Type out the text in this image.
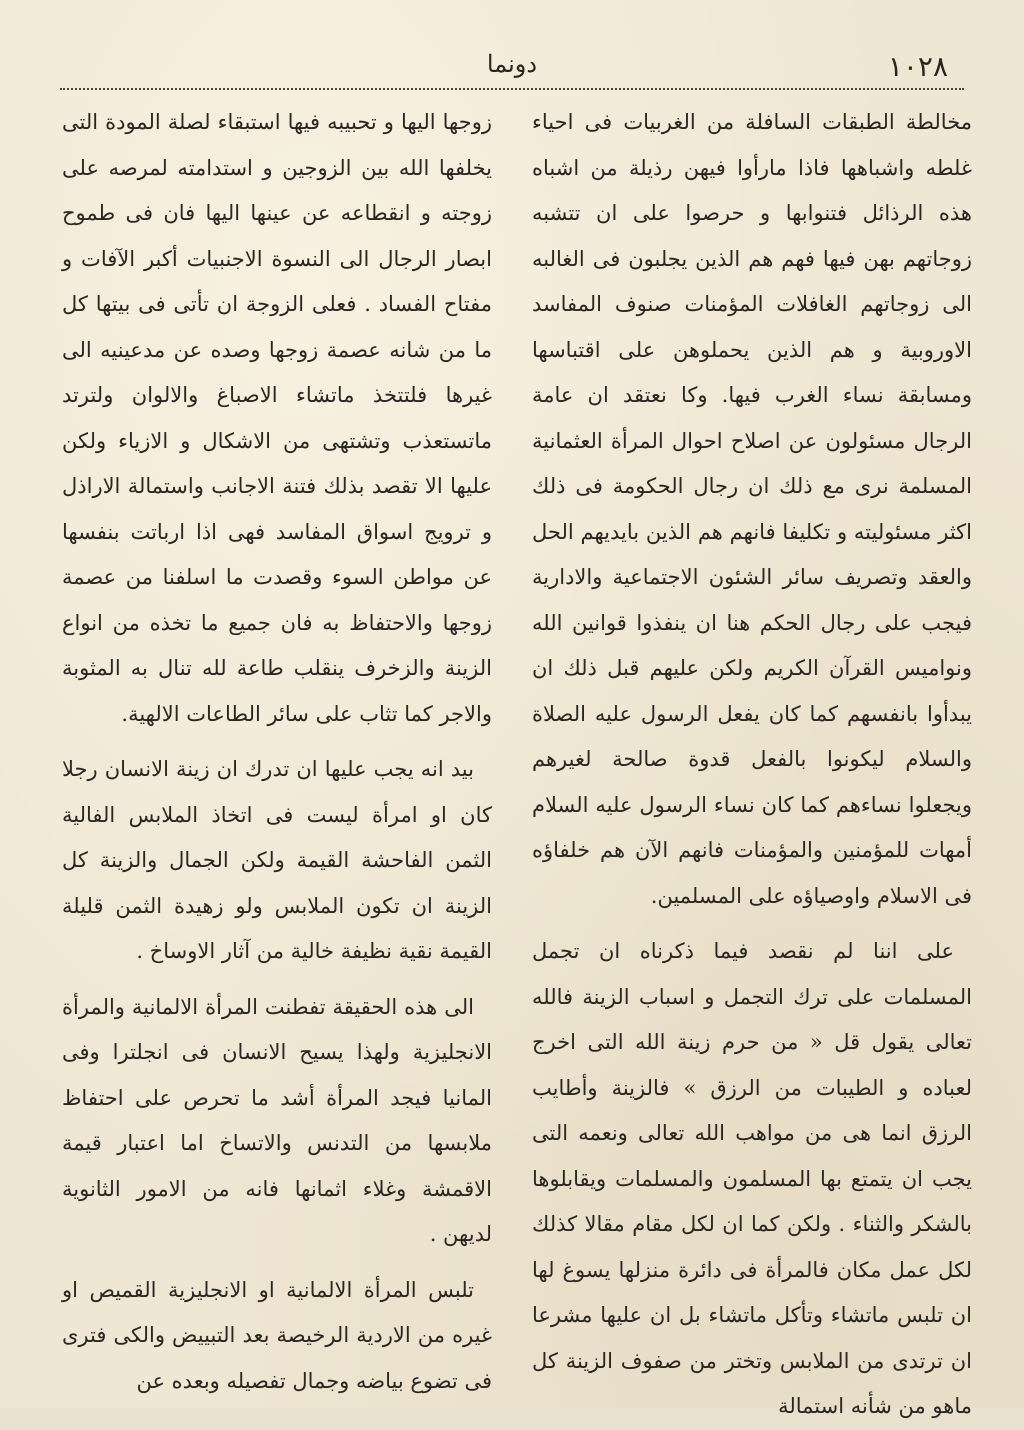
١٠٢٨
دونما

مخالطة الطبقات السافلة من الغربيات فى احياء غلطه واشباهها فاذا مارأوا فيهن رذيلة من اشباه هذه الرذائل فتنوابها و حرصوا على ان تتشبه زوجاتهم بهن فيها فهم هم الذين يجلبون فى الغالبه الى زوجاتهم الغافلات المؤمنات صنوف المفاسد الاوروبية و هم الذين يحملوهن على اقتباسها ومسابقة نساء الغرب فيها. وكا نعتقد ان عامة الرجال مسئولون عن اصلاح احوال المرأة العثمانية المسلمة نرى مع ذلك ان رجال الحكومة فى ذلك اكثر مسئوليته و تكليفا فانهم هم الذين بايديهم الحل والعقد وتصريف سائر الشئون الاجتماعية والادارية فيجب على رجال الحكم هنا ان ينفذوا قوانين الله ونواميس القرآن الكريم ولكن عليهم قبل ذلك ان يبدأوا بانفسهم كما كان يفعل الرسول عليه الصلاة والسلام ليكونوا بالفعل قدوة صالحة لغيرهم ويجعلوا نساءهم كما كان نساء الرسول عليه السلام أمهات للمؤمنين والمؤمنات فانهم الآن هم خلفاؤه فى الاسلام واوصياؤه على المسلمين.

على اننا لم نقصد فيما ذكرناه ان تجمل المسلمات على ترك التجمل و اسباب الزينة فالله تعالى يقول قل « من حرم زينة الله التى اخرج لعباده و الطيبات من الرزق » فالزينة وأطايب الرزق انما هى من مواهب الله تعالى ونعمه التى يجب ان يتمتع بها المسلمون والمسلمات ويقابلوها بالشكر والثناء . ولكن كما ان لكل مقام مقالا كذلك لكل عمل مكان فالمرأة فى دائرة منزلها يسوغ لها ان تلبس ماتشاء وتأكل ماتشاء بل ان عليها مشرعا ان ترتدى من الملابس وتختر من صفوف الزينة كل ماهو من شأنه استمالة

زوجها اليها و تحبيبه فيها استبقاء لصلة المودة التى يخلفها الله بين الزوجين و استدامته لمرصه على زوجته و انقطاعه عن عينها اليها فان فى طموح ابصار الرجال الى النسوة الاجنبيات أكبر الآفات و مفتاح الفساد . فعلى الزوجة ان تأتى فى بيتها كل ما من شانه عصمة زوجها وصده عن مدعينيه الى غيرها فلتتخذ ماتشاء الاصباغ والالوان ولترتد ماتستعذب وتشتهى من الاشكال و الازياء ولكن عليها الا تقصد بذلك فتنة الاجانب واستمالة الاراذل و ترويج اسواق المفاسد فهى اذا ارباتت بنفسها عن مواطن السوء وقصدت ما اسلفنا من عصمة زوجها والاحتفاظ به فان جميع ما تخذه من انواع الزينة والزخرف ينقلب طاعة لله تنال به المثوبة والاجر كما تثاب على سائر الطاعات الالهية.

بيد انه يجب عليها ان تدرك ان زينة الانسان رجلا كان او امرأة ليست فى اتخاذ الملابس الفالية الثمن الفاحشة القيمة ولكن الجمال والزينة كل الزينة ان تكون الملابس ولو زهيدة الثمن قليلة القيمة نقية نظيفة خالية من آثار الاوساخ .

الى هذه الحقيقة تفطنت المرأة الالمانية والمرأة الانجليزية ولهذا يسيح الانسان فى انجلترا وفى المانيا فيجد المرأة أشد ما تحرص على احتفاظ ملابسها من التدنس والاتساخ اما اعتبار قيمة الاقمشة وغلاء اثمانها فانه من الامور الثانوية لديهن .

تلبس المرأة الالمانية او الانجليزية القميص او غيره من الاردية الرخيصة بعد التبييض والكى فترى فى تضوع بياضه وجمال تفصيله وبعده عن
